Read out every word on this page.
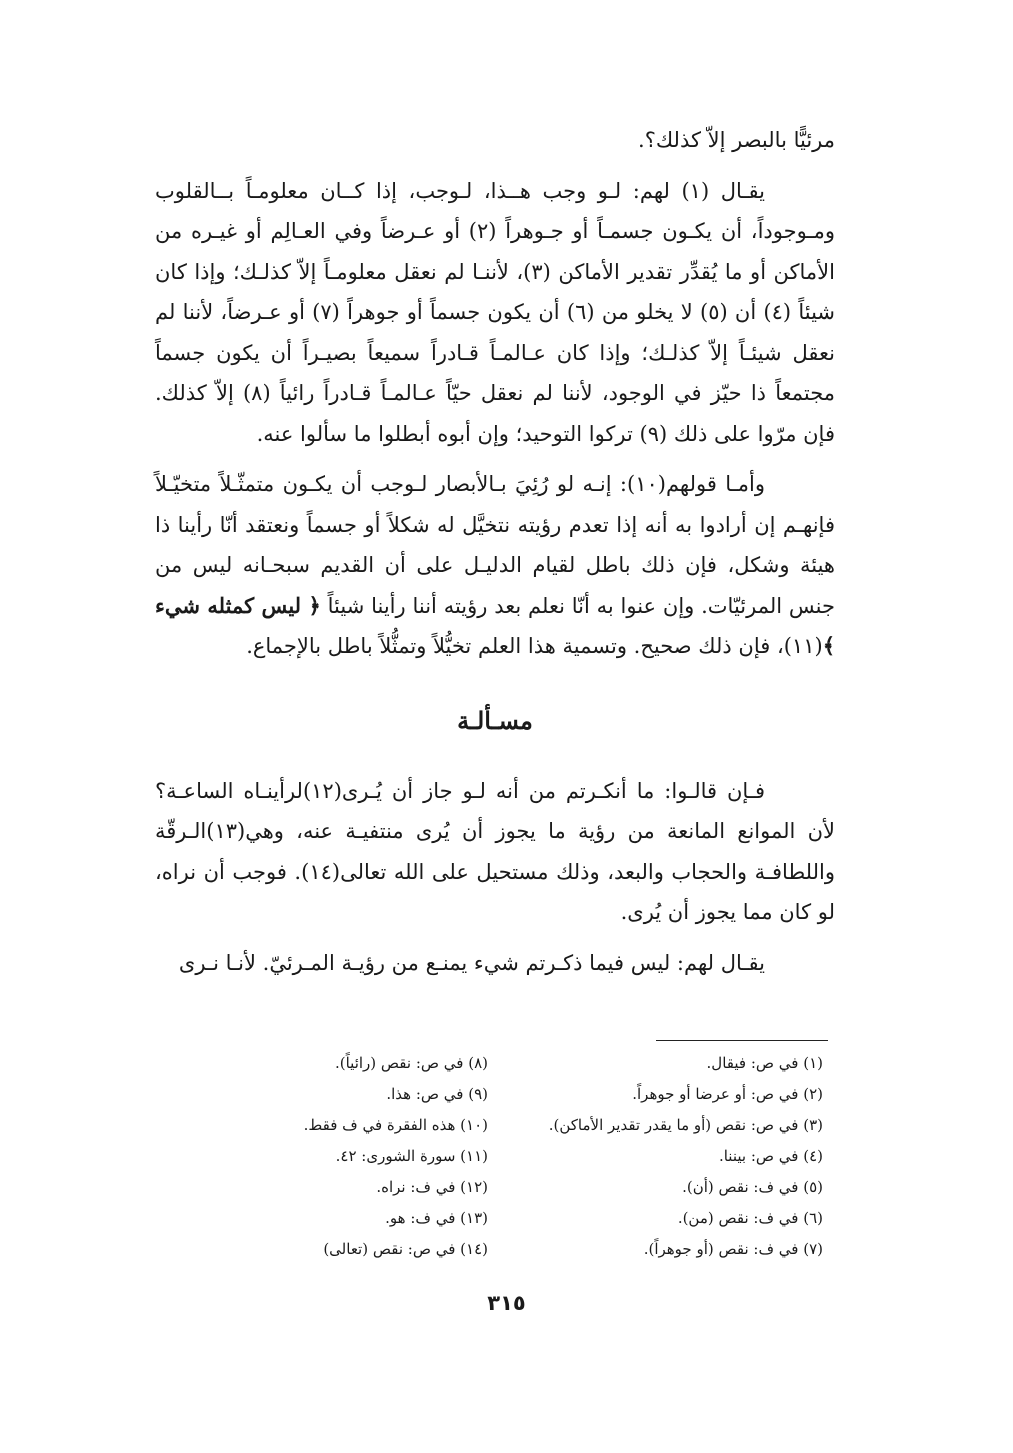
مرئيًّا بالبصر إلاّ كذلك؟.

يقـال (١) لهم: لـو وجب هــذا، لـوجب، إذا كــان معلومـاً بــالقلوب ومـوجوداً، أن يكـون جسمـاً أو جـوهراً (٢) أو عـرضاً وفي العـالِم أو غيـره من الأماكن أو ما يُقدِّر تقدير الأماكن (٣)، لأننـا لم نعقل معلومـاً إلاّ كذلـك؛ وإذا كان شيئاً (٤) أن (٥) لا يخلو من (٦) أن يكون جسماً أو جوهراً (٧) أو عـرضاً، لأننا لم نعقل شيئـاً إلاّ كذلـك؛ وإذا كان عـالمـاً قـادراً سميعاً بصيـراً أن يكون جسماً مجتمعاً ذا حيّز في الوجود، لأننا لم نعقل حيّاً عـالمـاً قـادراً رائياً (٨) إلاّ كذلك. فإن مرّوا على ذلك (٩) تركوا التوحيد؛ وإن أبوه أبطلوا ما سألوا عنه.

وأمـا قولهم(١٠): إنـه لو رُئِيَ بـالأبصار لـوجب أن يكـون متمثّـلاً متخيّـلاً فإنهـم إن أرادوا به أنه إذا تعدم رؤيته نتخيَّل له شكلاً أو جسماً ونعتقد أنّا رأينا ذا هيئة وشكل، فإن ذلك باطل لقيام الدليـل على أن القديم سبحـانه ليس من جنس المرئيّات. وإن عنوا به أنّا نعلم بعد رؤيته أننا رأينا شيئاً ﴿ ليس كمثله شيء ﴾(١١)، فإن ذلك صحيح. وتسمية هذا العلم تخيُّلاً وتمثُّلاً باطل بالإجماع.

مسـألـة

فـإن قالـوا: ما أنكـرتم من أنه لـو جاز أن يُـرى(١٢)لرأينـاه الساعـة؟ لأن الموانع المانعة من رؤية ما يجوز أن يُرى منتفيـة عنه، وهي(١٣)الـرقّة واللطافـة والحجاب والبعد، وذلك مستحيل على الله تعالى(١٤). فوجب أن نراه، لو كان مما يجوز أن يُرى.

يقـال لهم: ليس فيما ذكـرتم شيء يمنـع من رؤيـة المـرئيّ. لأنـا نـرى

(١) في ص: فيقال.
(٢) في ص: أو عرضا أو جوهراً.
(٣) في ص: نقص (أو ما يقدر تقدير الأماكن).
(٤) في ص: بيننا.
(٥) في ف: نقص (أن).
(٦) في ف: نقص (من).
(٧) في ف: نقص (أو جوهراً).
(٨) في ص: نقص (رائياً).
(٩) في ص: هذا.
(١٠) هذه الفقرة في ف فقط.
(١١) سورة الشورى: ٤٢.
(١٢) في ف: نراه.
(١٣) في ف: هو.
(١٤) في ص: نقص (تعالى)
٣١٥
